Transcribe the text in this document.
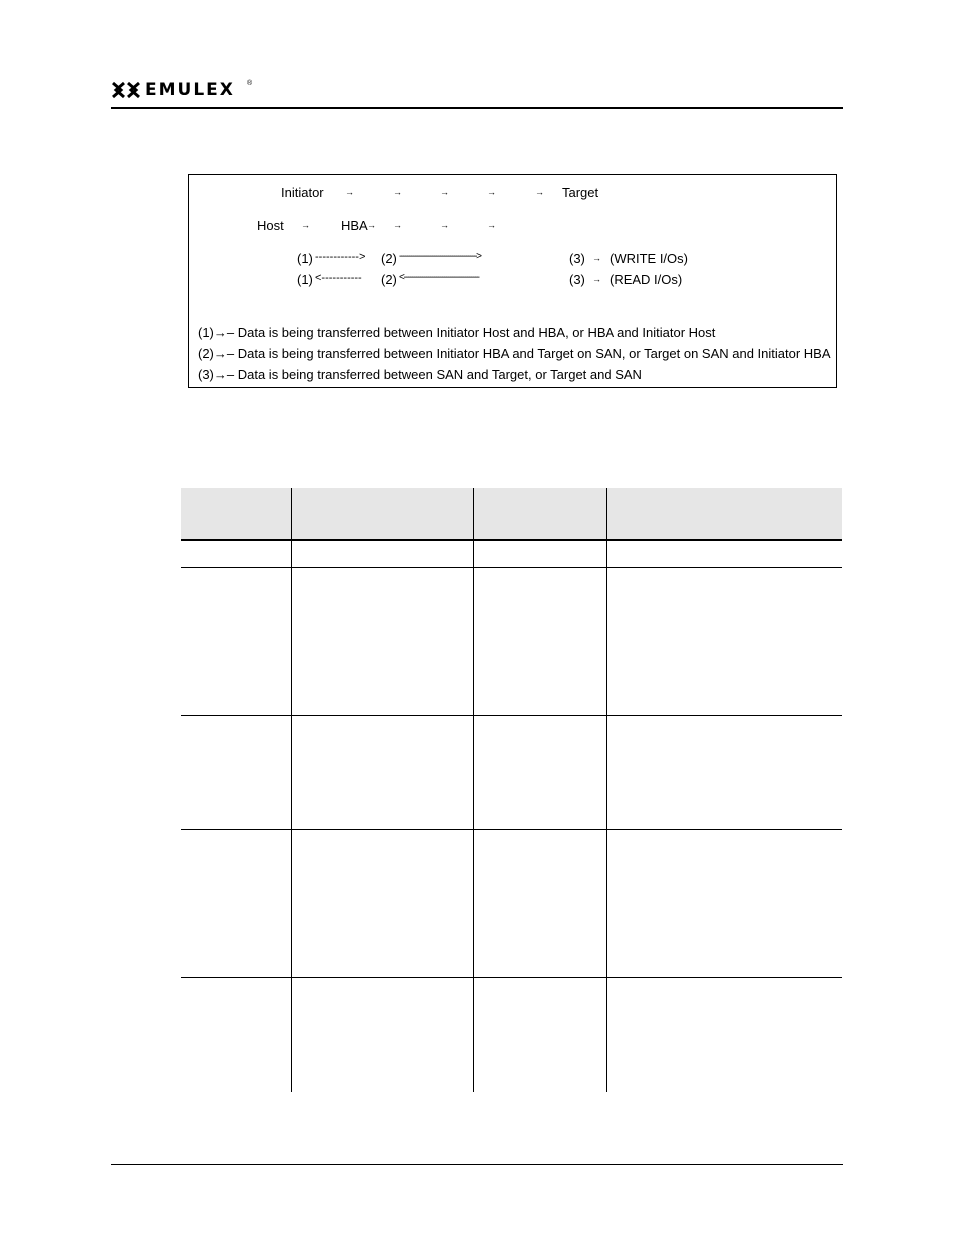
EMULEX ®
Initiator →	→	→	→	→ Target
Host → HBA → →	→	→
(1) ------------> (2) -------------------------------------->	(3) → (WRITE I/Os)
(1) <----------- (2) <-------------------------------------	(3) → (READ I/Os)
(1)→– Data is being transferred between Initiator Host and HBA, or HBA and Initiator Host
(2)→– Data is being transferred between Initiator HBA and Target on SAN, or Target on SAN and Initiator HBA
(3)→– Data is being transferred between SAN and Target, or Target and SAN
